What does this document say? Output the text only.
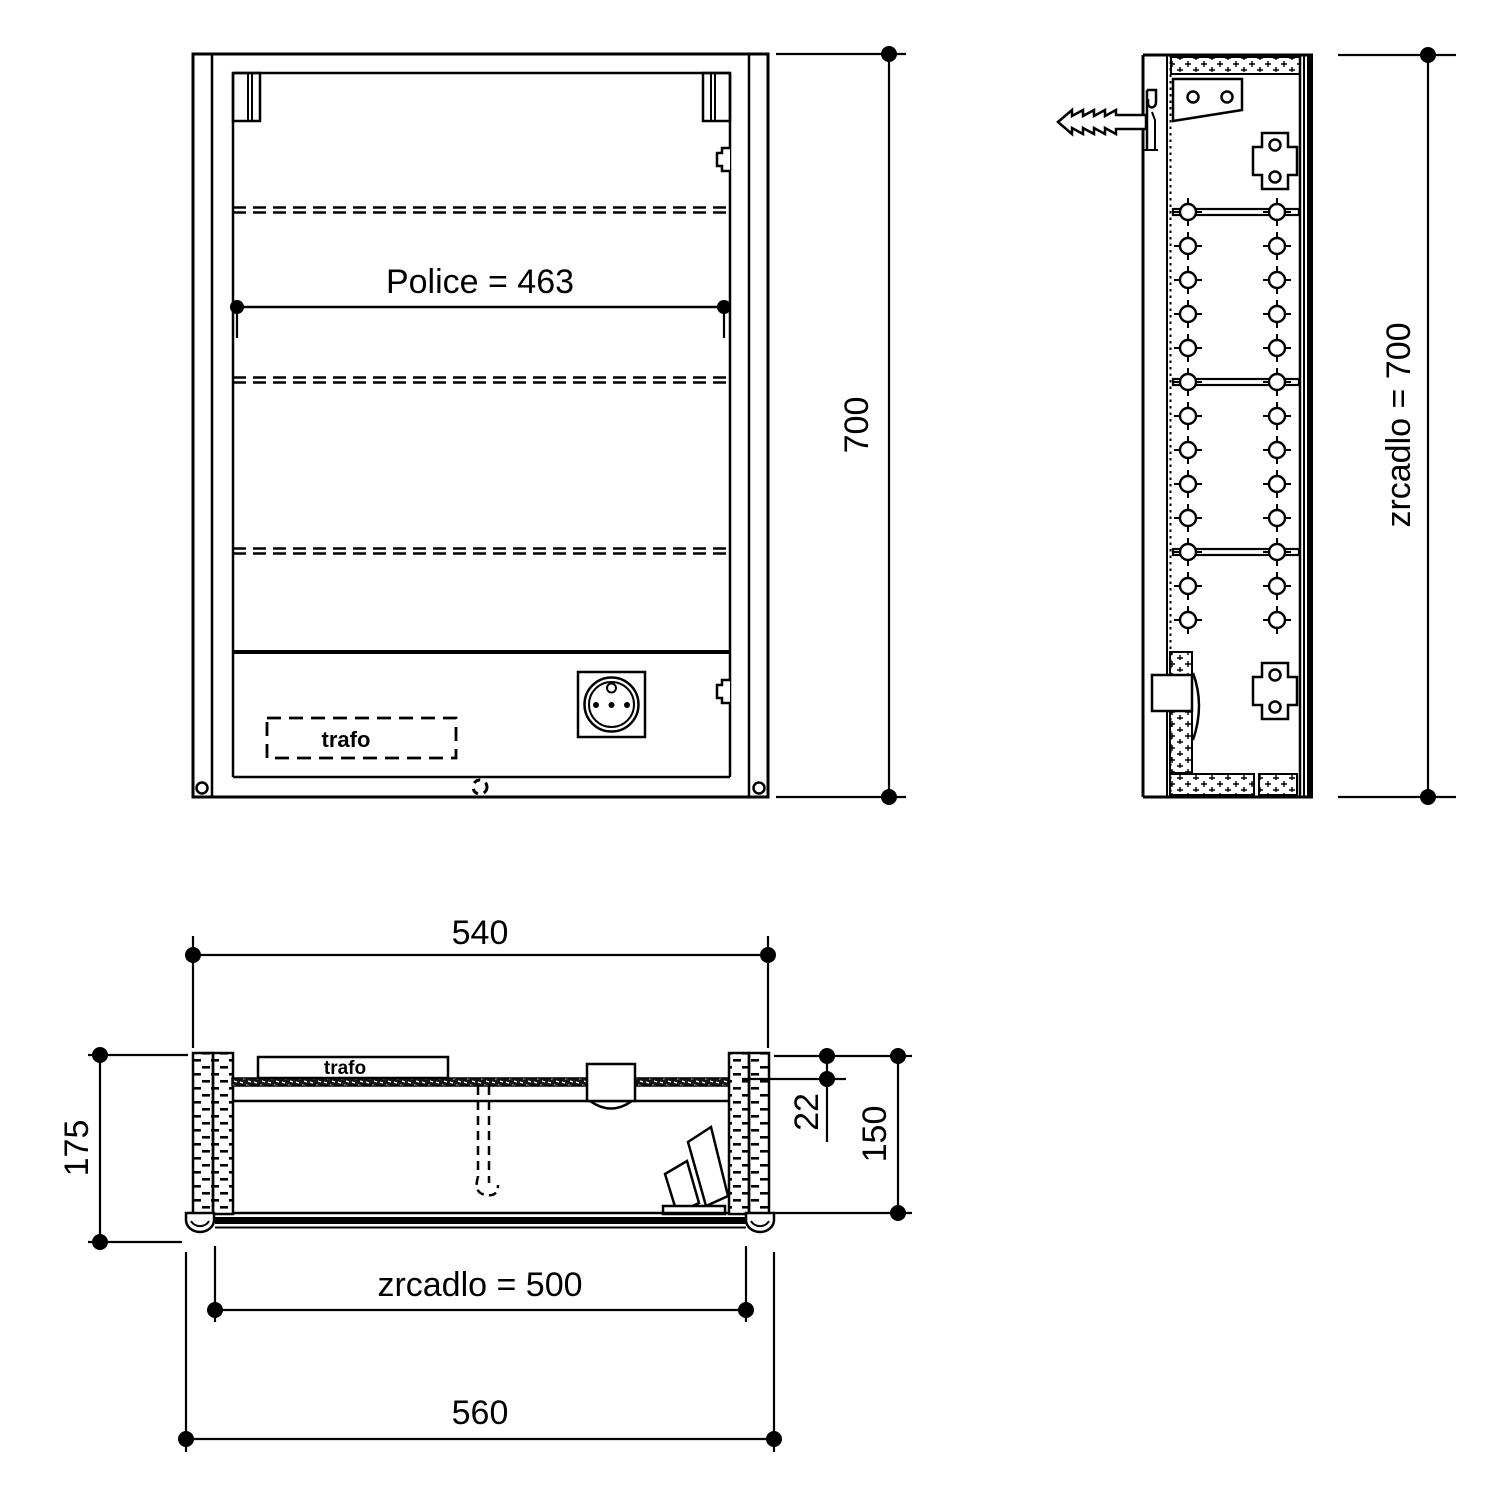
Police = 463
trafo
700	zrcadlo = 700
540
trafo
175
22 150
zrcadlo = 500
560
